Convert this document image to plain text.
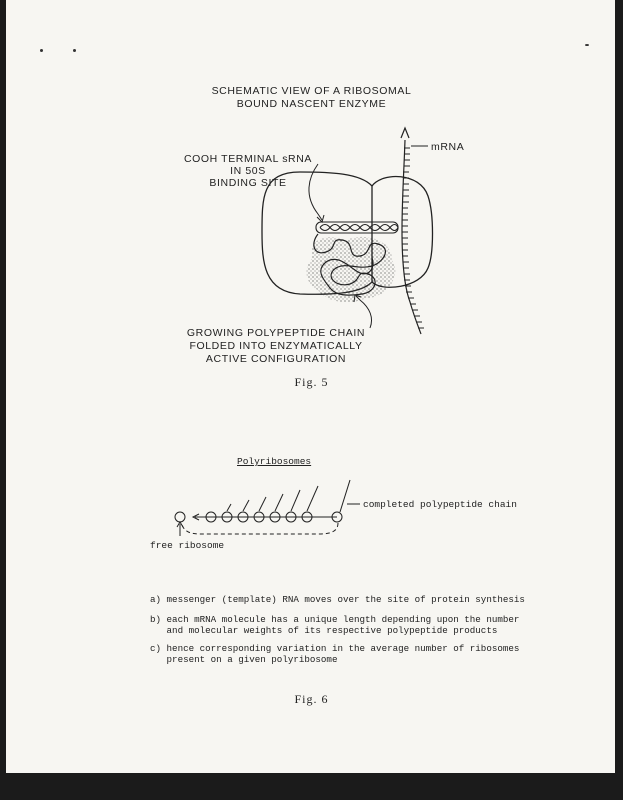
SCHEMATIC VIEW OF A RIBOSOMAL
BOUND NASCENT ENZYME
mRNA
COOH TERMINAL sRNA
IN 50S
BINDING SITE
GROWING POLYPEPTIDE CHAIN
FOLDED INTO ENZYMATICALLY
ACTIVE CONFIGURATION
Fig. 5
Polyribosomes
completed polypeptide chain
free ribosome
a) messenger (template) RNA moves over the site of protein synthesis
b) each mRNA molecule has a unique length depending upon the number
and molecular weights of its respective polypeptide products
c) hence corresponding variation in the average number of ribosomes
present on a given polyribosome
Fig. 6
